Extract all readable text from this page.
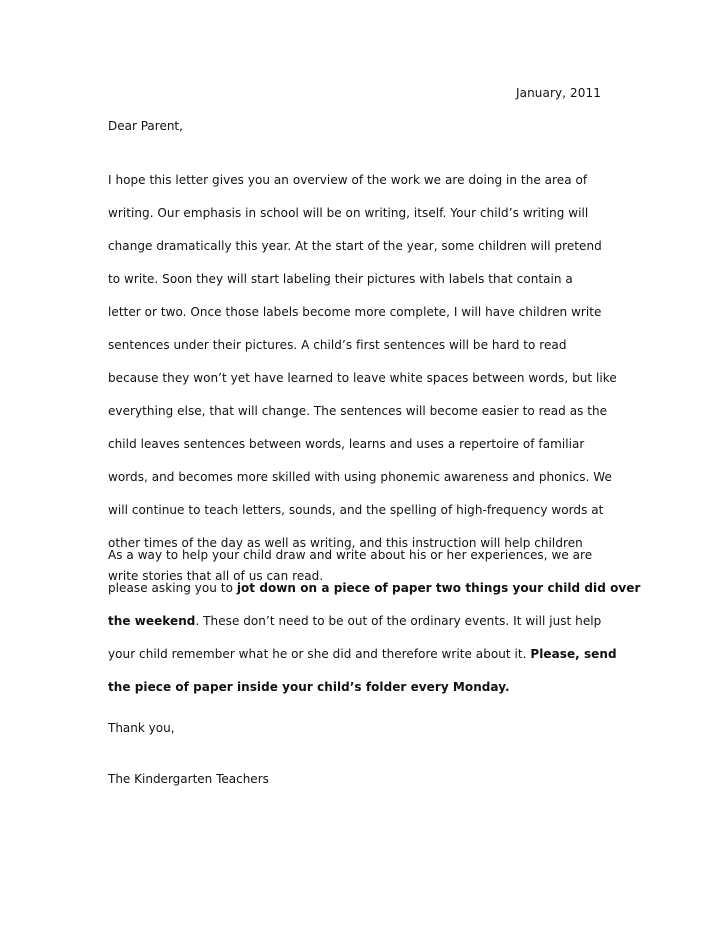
January, 2011
Dear Parent,
I hope this letter gives you an overview of the work we are doing in the area of
writing. Our emphasis in school will be on writing, itself. Your child’s writing will
change dramatically this year. At the start of the year, some children will pretend
to write. Soon they will start labeling their pictures with labels that contain a
letter or two. Once those labels become more complete, I will have children write
sentences under their pictures. A child’s first sentences will be hard to read
because they won’t yet have learned to leave white spaces between words, but like
everything else, that will change. The sentences will become easier to read as the
child leaves sentences between words, learns and uses a repertoire of familiar
words, and becomes more skilled with using phonemic awareness and phonics. We
will continue to teach letters, sounds, and the spelling of high-frequency words at
other times of the day as well as writing, and this instruction will help children
write stories that all of us can read.
As a way to help your child draw and write about his or her experiences, we are
please asking you to jot down on a piece of paper two things your child did over
the weekend. These don’t need to be out of the ordinary events. It will just help
your child remember what he or she did and therefore write about it. Please, send
the piece of paper inside your child’s folder every Monday.
Thank you,
The Kindergarten Teachers
